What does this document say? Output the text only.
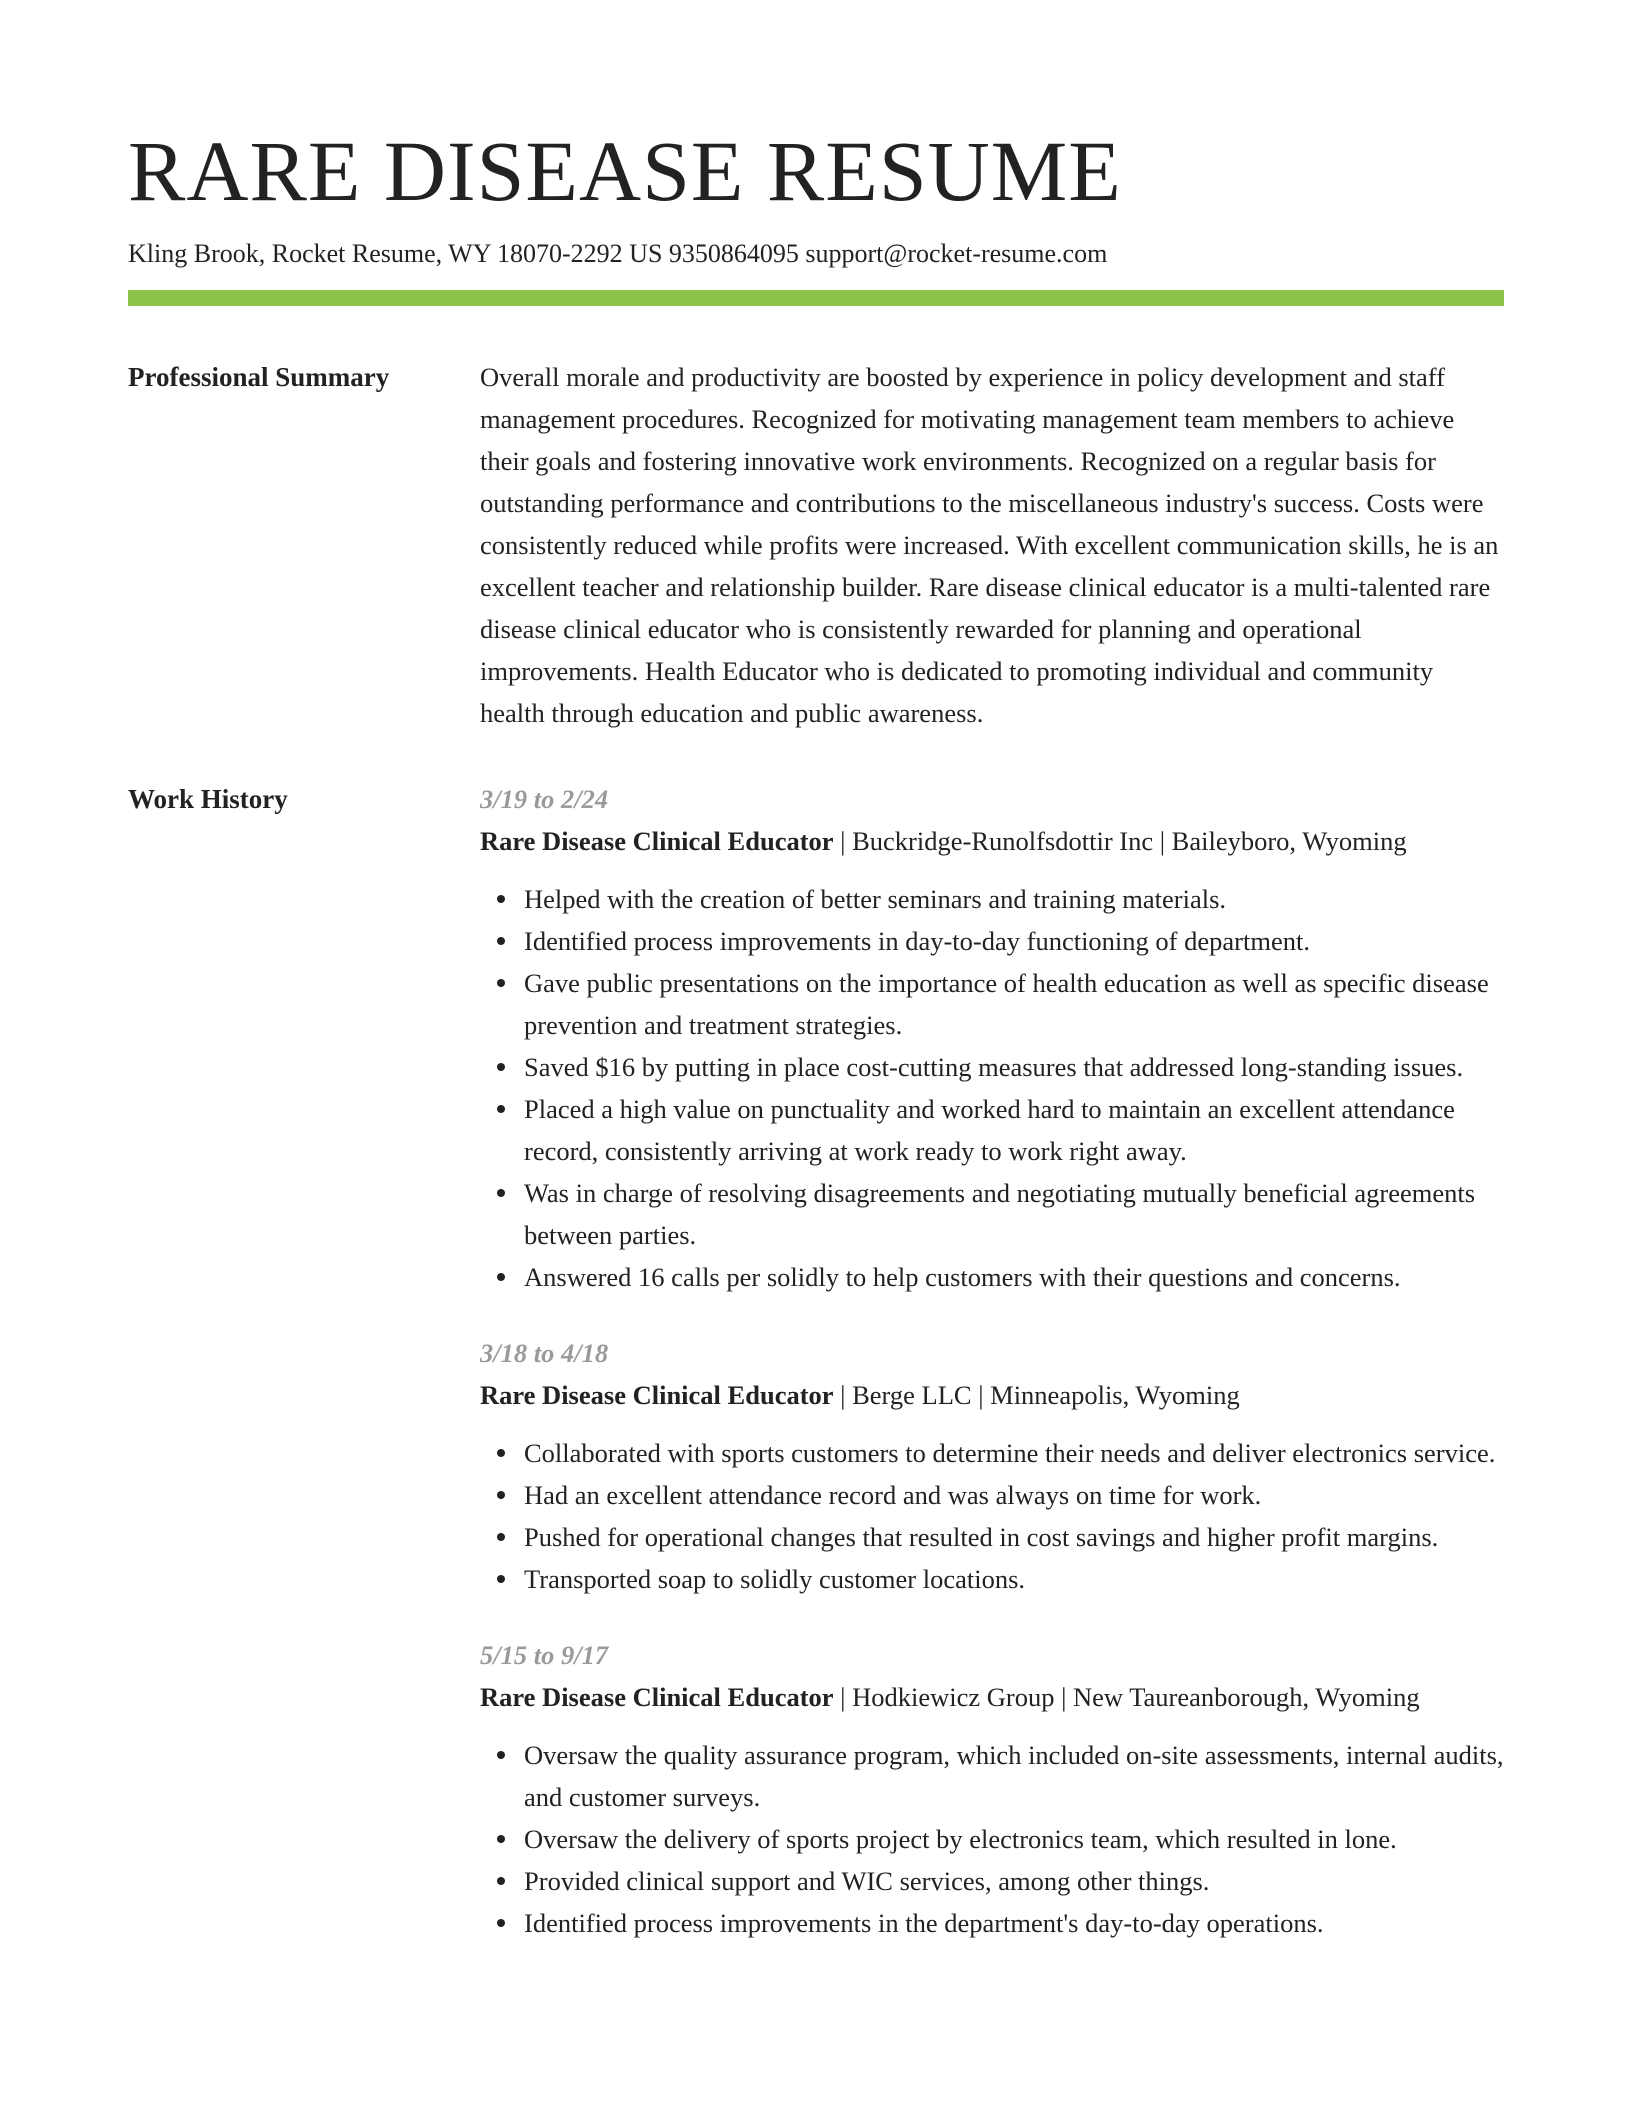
RARE DISEASE RESUME
Kling Brook, Rocket Resume, WY 18070-2292 US 9350864095 support@rocket-resume.com
Professional Summary	Overall morale and productivity are boosted by experience in policy development and staff management procedures. Recognized for motivating management team members to achieve their goals and fostering innovative work environments. Recognized on a regular basis for outstanding performance and contributions to the miscellaneous industry's success. Costs were consistently reduced while profits were increased. With excellent communication skills, he is an excellent teacher and relationship builder. Rare disease clinical educator is a multi-talented rare disease clinical educator who is consistently rewarded for planning and operational improvements. Health Educator who is dedicated to promoting individual and community health through education and public awareness.

Work History	3/19 to 2/24
Rare Disease Clinical Educator | Buckridge-Runolfsdottir Inc | Baileyboro, Wyoming
Helped with the creation of better seminars and training materials.
Identified process improvements in day-to-day functioning of department.
Gave public presentations on the importance of health education as well as specific disease prevention and treatment strategies.
Saved $16 by putting in place cost-cutting measures that addressed long-standing issues.
Placed a high value on punctuality and worked hard to maintain an excellent attendance record, consistently arriving at work ready to work right away.
Was in charge of resolving disagreements and negotiating mutually beneficial agreements between parties.
Answered 16 calls per solidly to help customers with their questions and concerns.
3/18 to 4/18
Rare Disease Clinical Educator | Berge LLC | Minneapolis, Wyoming
Collaborated with sports customers to determine their needs and deliver electronics service.
Had an excellent attendance record and was always on time for work.
Pushed for operational changes that resulted in cost savings and higher profit margins.
Transported soap to solidly customer locations.
5/15 to 9/17
Rare Disease Clinical Educator | Hodkiewicz Group | New Taureanborough, Wyoming
Oversaw the quality assurance program, which included on-site assessments, internal audits, and customer surveys.
Oversaw the delivery of sports project by electronics team, which resulted in lone.
Provided clinical support and WIC services, among other things.
Identified process improvements in the department's day-to-day operations.
